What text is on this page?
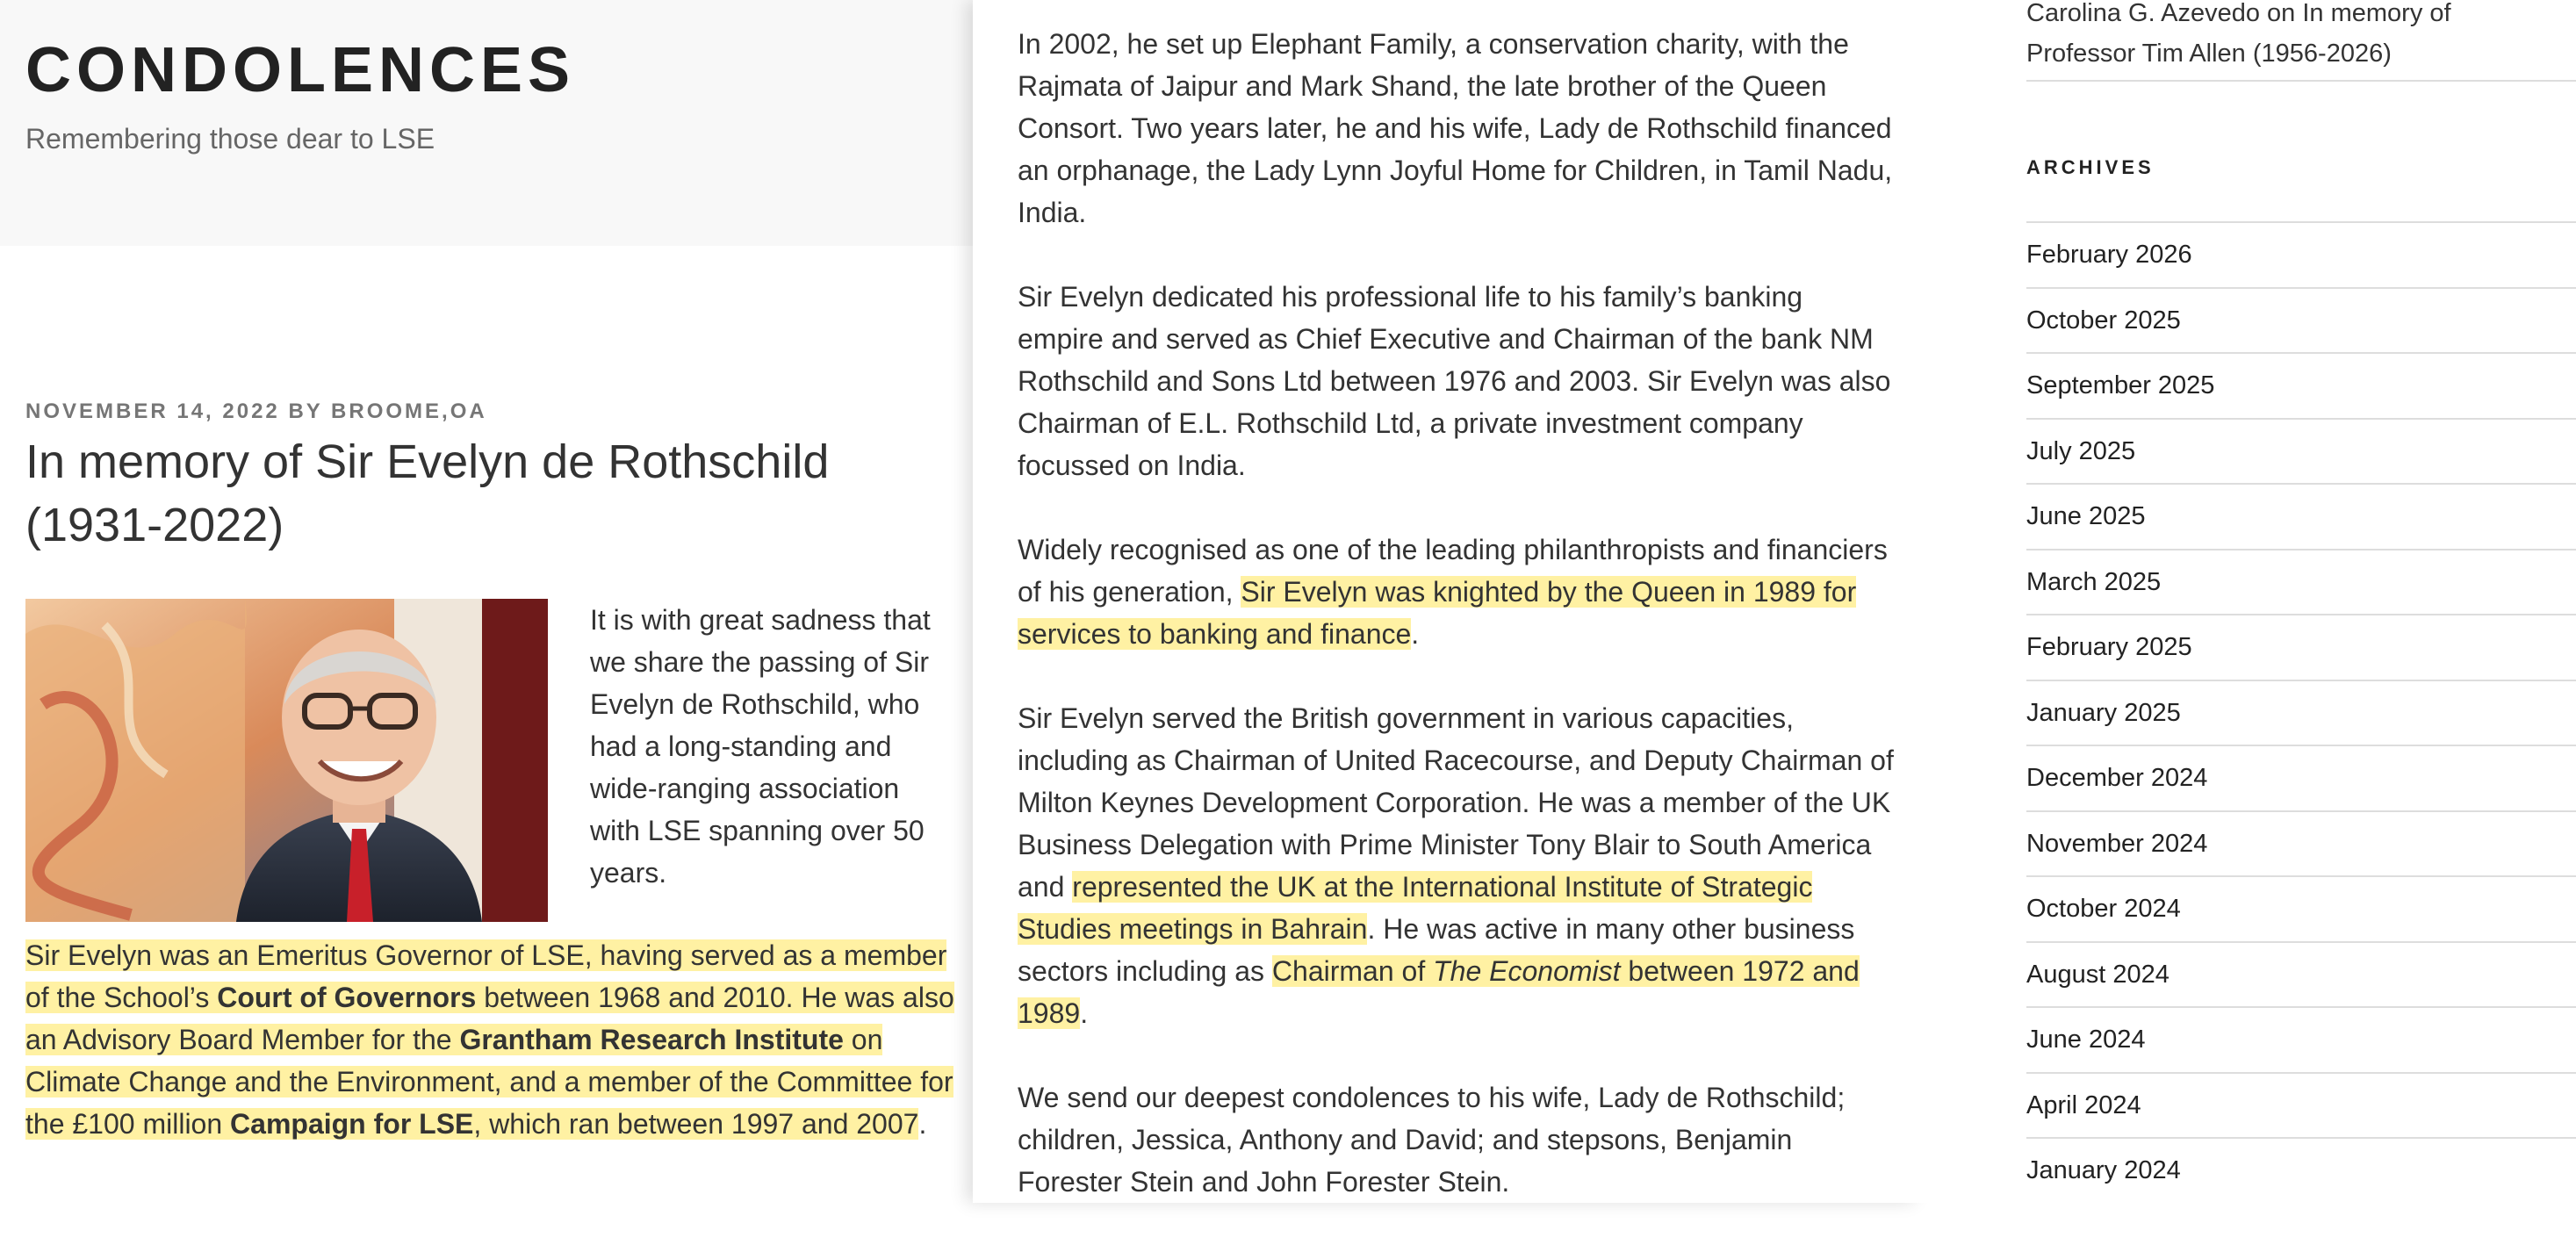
CONDOLENCES
Remembering those dear to LSE
NOVEMBER 14, 2022 BY BROOME,OA
In memory of Sir Evelyn de Rothschild (1931-2022)
It is with great sadness that we share the passing of Sir Evelyn de Rothschild, who had a long-standing and wide-ranging association with LSE spanning over 50 years.
Sir Evelyn was an Emeritus Governor of LSE, having served as a member of the School’s Court of Governors between 1968 and 2010. He was also an Advisory Board Member for the Grantham Research Institute on Climate Change and the Environment, and a member of the Committee for the £100 million Campaign for LSE, which ran between 1997 and 2007.

In 2002, he set up Elephant Family, a conservation charity, with the Rajmata of Jaipur and Mark Shand, the late brother of the Queen Consort. Two years later, he and his wife, Lady de Rothschild financed an orphanage, the Lady Lynn Joyful Home for Children, in Tamil Nadu, India.

Sir Evelyn dedicated his professional life to his family’s banking empire and served as Chief Executive and Chairman of the bank NM Rothschild and Sons Ltd between 1976 and 2003. Sir Evelyn was also Chairman of E.L. Rothschild Ltd, a private investment company focussed on India.

Widely recognised as one of the leading philanthropists and financiers of his generation, Sir Evelyn was knighted by the Queen in 1989 for services to banking and finance.

Sir Evelyn served the British government in various capacities, including as Chairman of United Racecourse, and Deputy Chairman of Milton Keynes Development Corporation. He was a member of the UK Business Delegation with Prime Minister Tony Blair to South America and represented the UK at the International Institute of Strategic Studies meetings in Bahrain. He was active in many other business sectors including as Chairman of The Economist between 1972 and 1989.

We send our deepest condolences to his wife, Lady de Rothschild; children, Jessica, Anthony and David; and stepsons, Benjamin Forester Stein and John Forester Stein.

Carolina G. Azevedo on In memory of Professor Tim Allen (1956-2026)
ARCHIVES
February 2026
October 2025
September 2025
July 2025
June 2025
March 2025
February 2025
January 2025
December 2024
November 2024
October 2024
August 2024
June 2024
April 2024
January 2024
